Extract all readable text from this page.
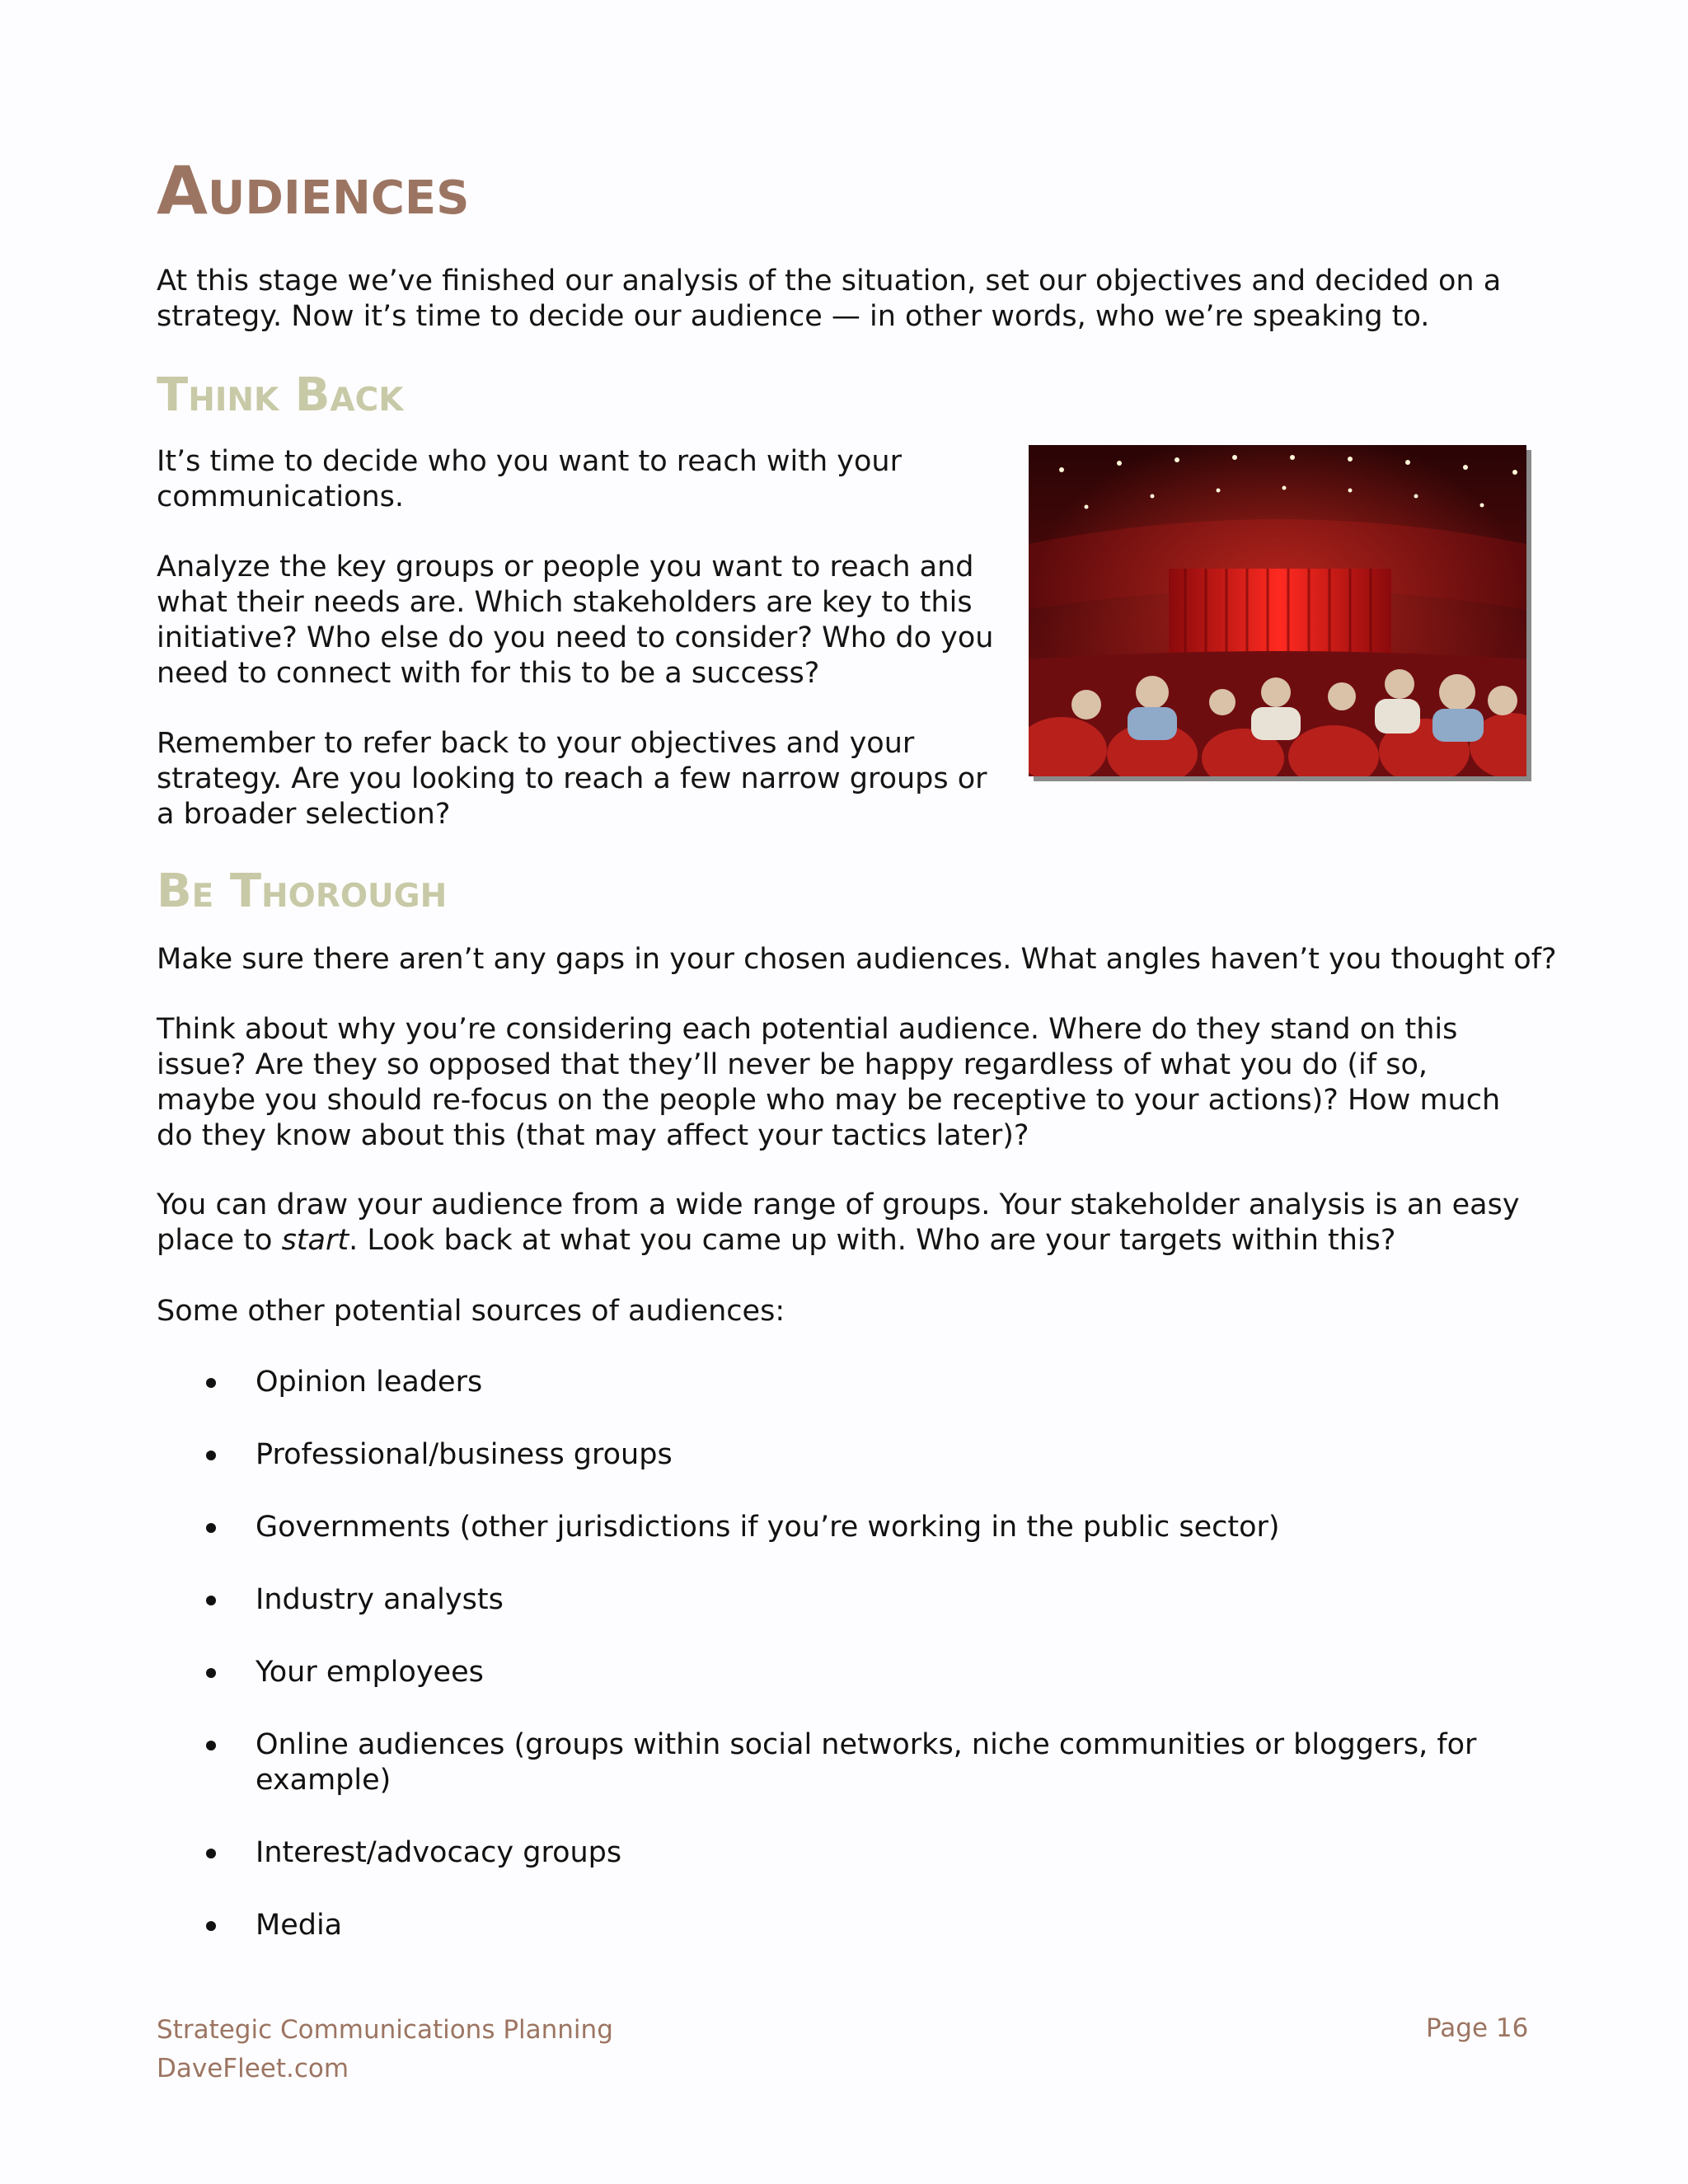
Audiences

At this stage we’ve finished our analysis of the situation, set our objectives and decided on a strategy. Now it’s time to decide our audience — in other words, who we’re speaking to.

Think Back

It’s time to decide who you want to reach with your communications.

Analyze the key groups or people you want to reach and what their needs are. Which stakeholders are key to this initiative? Who else do you need to consider? Who do you need to connect with for this to be a success?

Remember to refer back to your objectives and your strategy. Are you looking to reach a few narrow groups or a broader selection?

Be Thorough

Make sure there aren’t any gaps in your chosen audiences. What angles haven’t you thought of?

Think about why you’re considering each potential audience. Where do they stand on this issue? Are they so opposed that they’ll never be happy regardless of what you do (if so, maybe you should re-focus on the people who may be receptive to your actions)? How much do they know about this (that may affect your tactics later)?

You can draw your audience from a wide range of groups. Your stakeholder analysis is an easy place to start. Look back at what you came up with. Who are your targets within this?

Some other potential sources of audiences:

Opinion leaders
Professional/business groups
Governments (other jurisdictions if you’re working in the public sector)
Industry analysts
Your employees
Online audiences (groups within social networks, niche communities or bloggers, for example)
Interest/advocacy groups
Media
Strategic Communications Planning
DaveFleet.com
Page 16
